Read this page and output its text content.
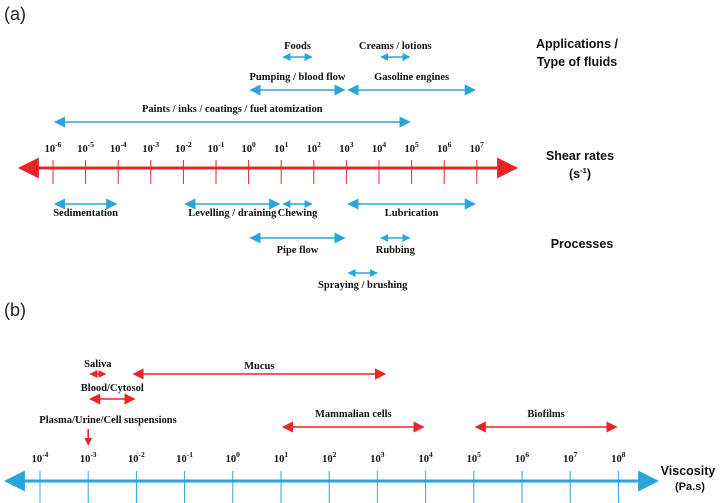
(a)
Applications /
Type of fluids
Shear rates
$(s^{-1})$
Processes
$10^{-6}$ $10^{-5}$ $10^{-4}$ $10^{-3}$ $10^{-2}$ $10^{-1}$ $10^0$ $10^1$ $10^2$ $10^3$ $10^4$ $10^5$ $10^6$ $10^7$
Foods	Creams / lotions
Pumping / blood flow	Gasoline engines
Paints / inks / coatings / fuel atomization
Sedimentation	Levelling / draining Chewing	Lubrication
Pipe flow	Rubbing
Spraying / brushing
(b)
Viscosity
(Pa.s)
$10^{-4}$	$10^{-3}$	$10^{-2}$	$10^{-1}$	$10^0$	$10^1$	$10^2$	$10^3$	$10^4$	$10^5$	$10^6$	$10^7$	$10^8$
Saliva	Mucus
Blood/Cytosol
Mammalian cells	Biofilms
Plasma/Urine/Cell suspensions
